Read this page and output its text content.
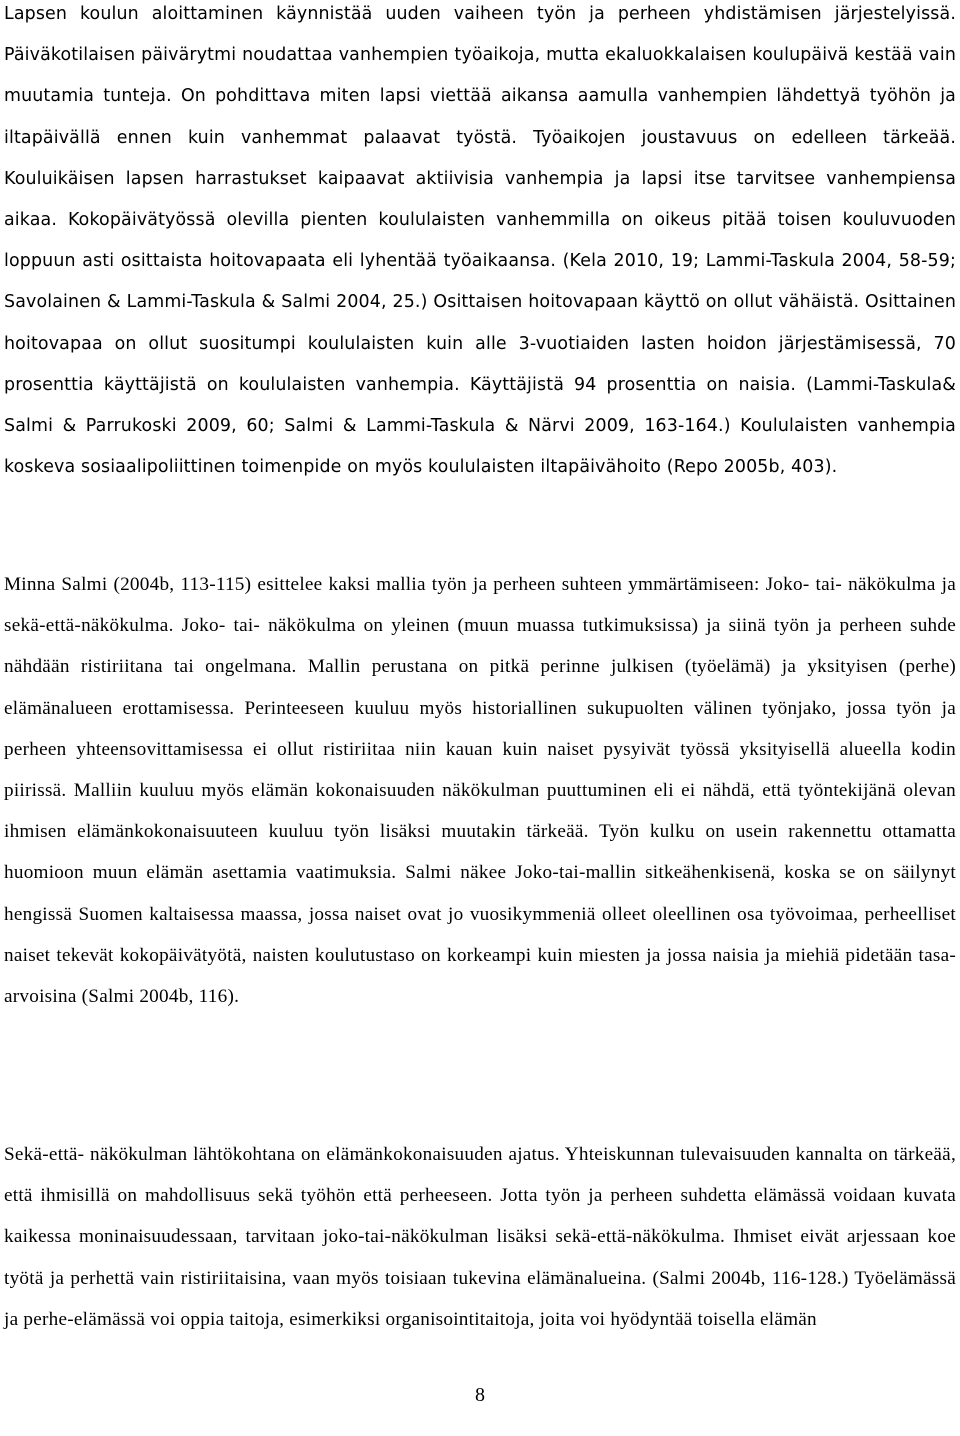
Lapsen koulun aloittaminen käynnistää uuden vaiheen työn ja perheen yhdistämisen järjestelyissä. Päiväkotilaisen päivärytmi noudattaa vanhempien työaikoja, mutta ekaluokkalaisen koulupäivä kestää vain muutamia tunteja. On pohdittava miten lapsi viettää aikansa aamulla vanhempien lähdettyä työhön ja iltapäivällä ennen kuin vanhemmat palaavat työstä. Työaikojen joustavuus on edelleen tärkeää. Kouluikäisen lapsen harrastukset kaipaavat aktiivisia vanhempia ja lapsi itse tarvitsee vanhempiensa aikaa. Kokopäivätyössä olevilla pienten koululaisten vanhemmilla on oikeus pitää toisen kouluvuoden loppuun asti osittaista hoitovapaata eli lyhentää työaikaansa. (Kela 2010, 19; Lammi-Taskula 2004, 58-59; Savolainen & Lammi-Taskula & Salmi 2004, 25.) Osittaisen hoitovapaan käyttö on ollut vähäistä. Osittainen hoitovapaa on ollut suositumpi koululaisten kuin alle 3-vuotiaiden lasten hoidon järjestämisessä, 70 prosenttia käyttäjistä on koululaisten vanhempia. Käyttäjistä 94 prosenttia on naisia. (Lammi-Taskula& Salmi & Parrukoski 2009, 60; Salmi & Lammi-Taskula & Närvi 2009, 163-164.) Koululaisten vanhempia koskeva sosiaalipoliittinen toimenpide on myös koululaisten iltapäivähoito (Repo 2005b, 403).

Minna Salmi (2004b, 113-115) esittelee kaksi mallia työn ja perheen suhteen ymmärtämiseen: Joko- tai- näkökulma ja sekä-että-näkökulma. Joko- tai- näkökulma on yleinen (muun muassa tutkimuksissa) ja siinä työn ja perheen suhde nähdään ristiriitana tai ongelmana. Mallin perustana on pitkä perinne julkisen (työelämä) ja yksityisen (perhe) elämänalueen erottamisessa. Perinteeseen kuuluu myös historiallinen sukupuolten välinen työnjako, jossa työn ja perheen yhteensovittamisessa ei ollut ristiriitaa niin kauan kuin naiset pysyivät työssä yksityisellä alueella kodin piirissä. Malliin kuuluu myös elämän kokonaisuuden näkökulman puuttuminen eli ei nähdä, että työntekijänä olevan ihmisen elämänkokonaisuuteen kuuluu työn lisäksi muutakin tärkeää. Työn kulku on usein rakennettu ottamatta huomioon muun elämän asettamia vaatimuksia. Salmi näkee Joko-tai-mallin sitkeähenkisenä, koska se on säilynyt hengissä Suomen kaltaisessa maassa, jossa naiset ovat jo vuosikymmeniä olleet oleellinen osa työvoimaa, perheelliset naiset tekevät kokopäivätyötä, naisten koulutustaso on korkeampi kuin miesten ja jossa naisia ja miehiä pidetään tasa-arvoisina (Salmi 2004b, 116).

Sekä-että- näkökulman lähtökohtana on elämänkokonaisuuden ajatus. Yhteiskunnan tulevaisuuden kannalta on tärkeää, että ihmisillä on mahdollisuus sekä työhön että perheeseen. Jotta työn ja perheen suhdetta elämässä voidaan kuvata kaikessa moninaisuudessaan, tarvitaan joko-tai-näkökulman lisäksi sekä-että-näkökulma. Ihmiset eivät arjessaan koe työtä ja perhettä vain ristiriitaisina, vaan myös toisiaan tukevina elämänalueina. (Salmi 2004b, 116-128.) Työelämässä ja perhe-elämässä voi oppia taitoja, esimerkiksi organisointitaitoja, joita voi hyödyntää toisella elämän

8
